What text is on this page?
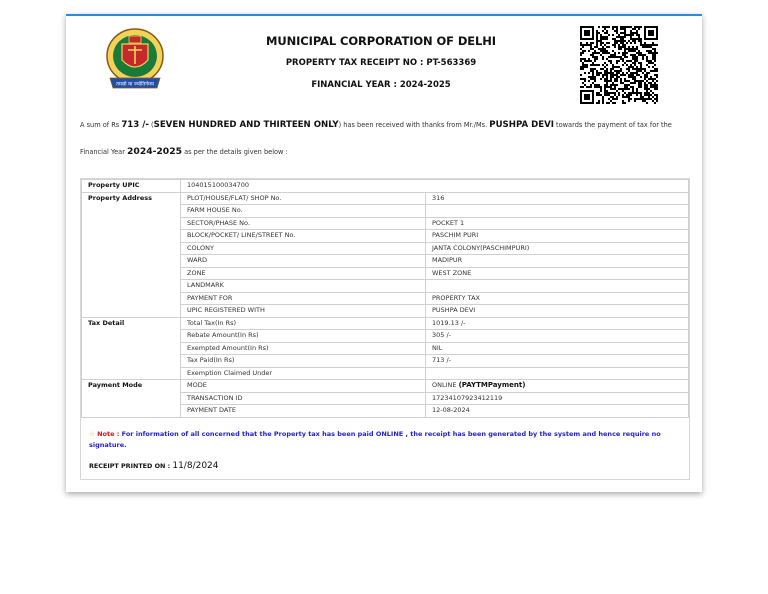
तमसो मा ज्योतिर्गमय
MUNICIPAL CORPORATION OF DELHI
PROPERTY TAX RECEIPT NO : PT-563369
FINANCIAL YEAR : 2024-2025
A sum of Rs 713 /- (SEVEN HUNDRED AND THIRTEEN ONLY) has been received with thanks from Mr./Ms. PUSHPA DEVI towards the payment of tax for the
Financial Year 2024-2025 as per the details given below :
Property UPIC	104015100034700	
Property Address	PLOT/HOUSE/FLAT/ SHOP No.	316
	FARM HOUSE No.	
	SECTOR/PHASE No.	POCKET 1
	BLOCK/POCKET/ LINE/STREET No.	PASCHIM PURI
	COLONY	JANTA COLONY(PASCHIMPURI)
	WARD	MADIPUR
	ZONE	WEST ZONE
	LANDMARK	
	PAYMENT FOR	PROPERTY TAX
	UPIC REGISTERED WITH	PUSHPA DEVI
Tax Detail	Total Tax(In Rs)	1019.13 /-
	Rebate Amount(In Rs)	305 /-
	Exempted Amount(In Rs)	NIL
	Tax Paid(In Rs)	713 /-
	Exemption Claimed Under	
Payment Mode	MODE	ONLINE (PAYTMPayment)
	TRANSACTION ID	17234107923412119
	PAYMENT DATE	12-08-2024
☆ Note : For information of all concerned that the Property tax has been paid ONLINE , the receipt has been generated by the system and hence require no signature.
RECEIPT PRINTED ON : 11/8/2024
